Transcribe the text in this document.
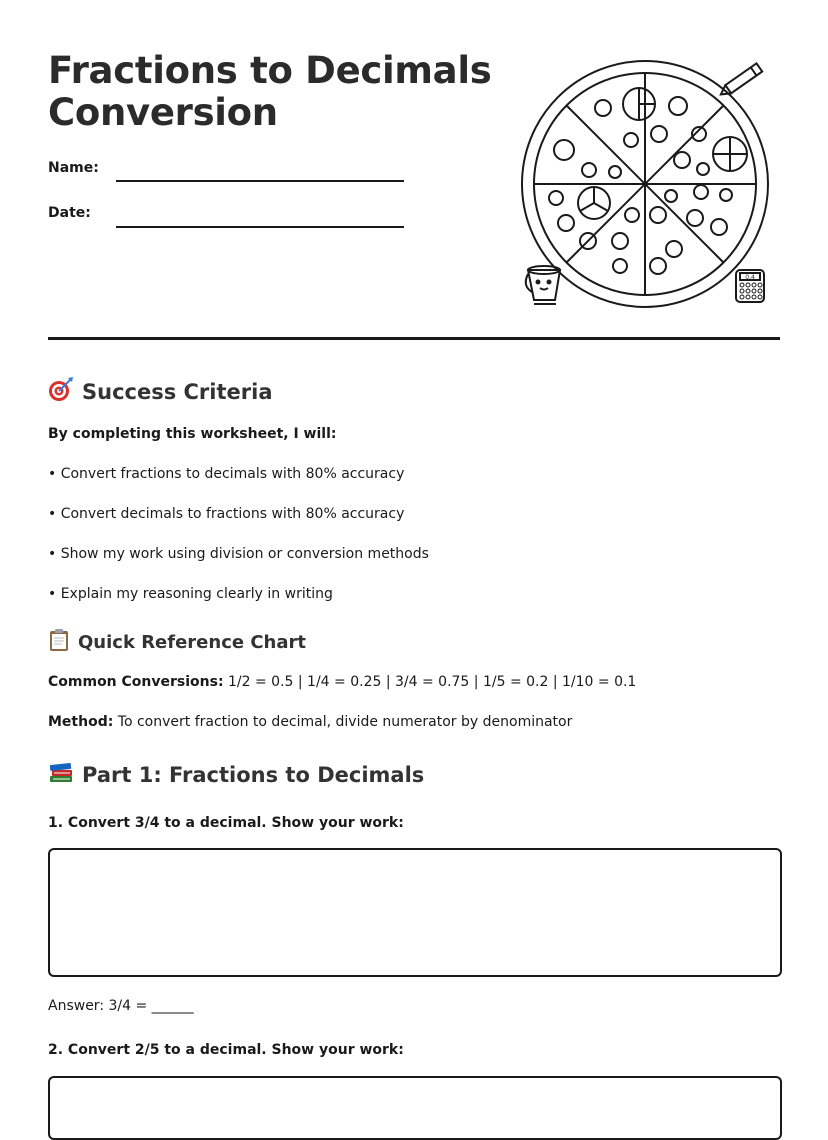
Fractions to Decimals
Conversion
Name:
Date:
0.4
Success Criteria
By completing this worksheet, I will:
• Convert fractions to decimals with 80% accuracy
• Convert decimals to fractions with 80% accuracy
• Show my work using division or conversion methods
• Explain my reasoning clearly in writing
Quick Reference Chart
Common Conversions: 1/2 = 0.5 | 1/4 = 0.25 | 3/4 = 0.75 | 1/5 = 0.2 | 1/10 = 0.1
Method: To convert fraction to decimal, divide numerator by denominator
Part 1: Fractions to Decimals
1. Convert 3/4 to a decimal. Show your work:
Answer: 3/4 = ______
2. Convert 2/5 to a decimal. Show your work:
